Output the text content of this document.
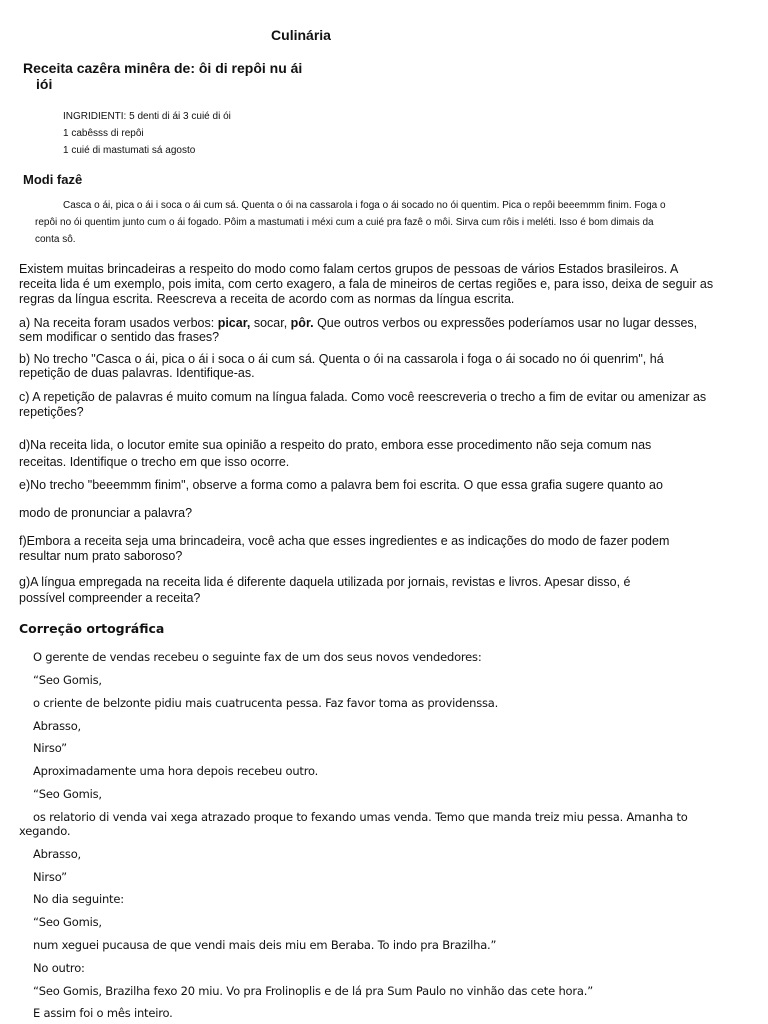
Culinária
Receita cazêra minêra de: ôi di repôi nu ái
iói
INGRIDIENTI: 5 denti di ái 3 cuié di ói
1 cabêsss di repôi
1 cuié di mastumati sá agosto
Modi fazê
Casca o ái, pica o ái i soca o ái cum sá. Quenta o ói na cassarola i foga o ái socado no ói quentim. Pica o repôi beeemmm finim. Foga o
repôi no ói quentim junto cum o ái fogado. Pôim a mastumati i méxi cum a cuié pra fazê o môi. Sirva cum rôis i meléti. Isso é bom dimais da
conta sô.
Existem muitas brincadeiras a respeito do modo como falam certos grupos de pessoas de vários Estados brasileiros. A
receita lida é um exemplo, pois imita, com certo exagero, a fala de mineiros de certas regiões e, para isso, deixa de seguir as
regras da língua escrita. Reescreva a receita de acordo com as normas da língua escrita.
a) Na receita foram usados verbos: picar, socar, pôr. Que outros verbos ou expressões poderíamos usar no lugar desses,
sem modificar o sentido das frases?
b) No trecho "Casca o ái, pica o ái i soca o ái cum sá. Quenta o ói na cassarola i foga o ái socado no ói quenrim", há
repetição de duas palavras. Identifique-as.
c) A repetição de palavras é muito comum na língua falada. Como você reescreveria o trecho a fim de evitar ou amenizar as
repetições?
d)Na receita lida, o locutor emite sua opinião a respeito do prato, embora esse procedimento não seja comum nas
receitas. Identifique o trecho em que isso ocorre.
e)No trecho "beeemmm finim", observe a forma como a palavra bem foi escrita. O que essa grafia sugere quanto ao
modo de pronunciar a palavra?
f)Embora a receita seja uma brincadeira, você acha que esses ingredientes e as indicações do modo de fazer podem
resultar num prato saboroso?
g)A língua empregada na receita lida é diferente daquela utilizada por jornais, revistas e livros. Apesar disso, é
possível compreender a receita?
Correção ortográfica
O gerente de vendas recebeu o seguinte fax de um dos seus novos vendedores:
“Seo Gomis,
o criente de belzonte pidiu mais cuatrucenta pessa. Faz favor toma as providenssa.
Abrasso,
Nirso”
Aproximadamente uma hora depois recebeu outro.
“Seo Gomis,
os relatorio di venda vai xega atrazado proque to fexando umas venda. Temo que manda treiz miu pessa. Amanha to
xegando.
Abrasso,
Nirso”
No dia seguinte:
“Seo Gomis,
num xeguei pucausa de que vendi mais deis miu em Beraba. To indo pra Brazilha.”
No outro:
“Seo Gomis, Brazilha fexo 20 miu. Vo pra Frolinoplis e de lá pra Sum Paulo no vinhão das cete hora.”
E assim foi o mês inteiro.
